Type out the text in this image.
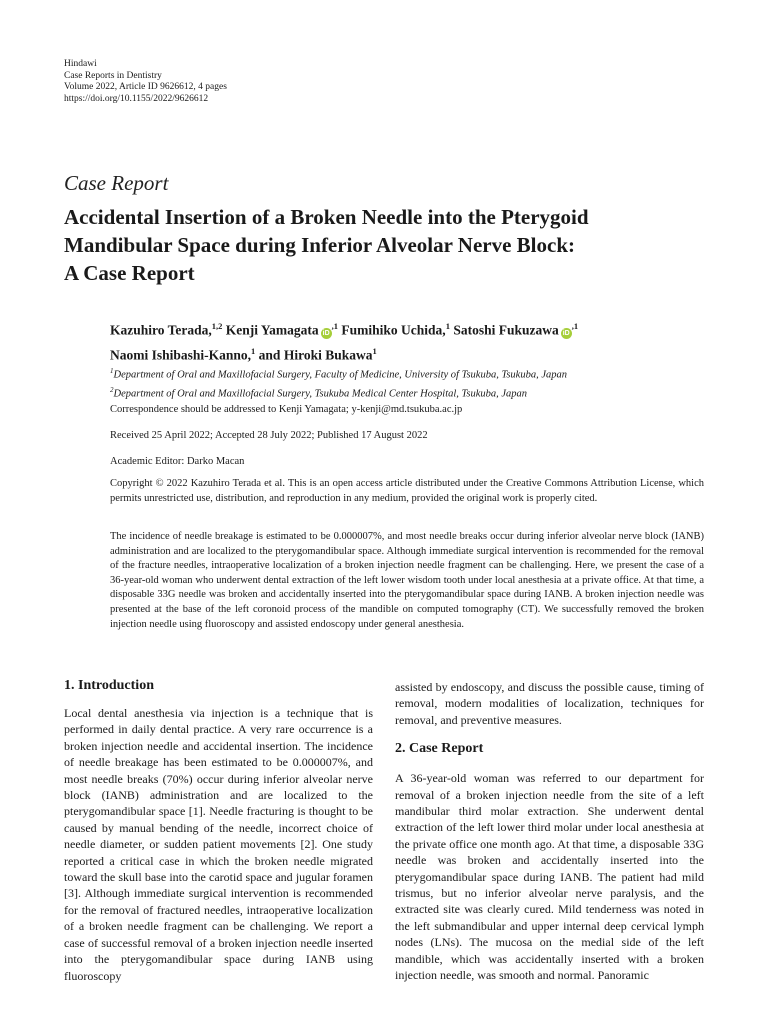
Hindawi
Case Reports in Dentistry
Volume 2022, Article ID 9626612, 4 pages
https://doi.org/10.1155/2022/9626612
Case Report
Accidental Insertion of a Broken Needle into the Pterygoid
Mandibular Space during Inferior Alveolar Nerve Block:
A Case Report
Kazuhiro Terada,$^{1,2}$ Kenji Yamagata $iD^{,1}$ Fumihiko Uchida,$^1$ Satoshi Fukuzawa $iD^{,1}$
Naomi Ishibashi-Kanno,$^1$ and Hiroki Bukawa$^1$
$^1$Department of Oral and Maxillofacial Surgery, Faculty of Medicine, University of Tsukuba, Tsukuba, Japan
$^2$Department of Oral and Maxillofacial Surgery, Tsukuba Medical Center Hospital, Tsukuba, Japan
Correspondence should be addressed to Kenji Yamagata; y-kenji@md.tsukuba.ac.jp
Received 25 April 2022; Accepted 28 July 2022; Published 17 August 2022
Academic Editor: Darko Macan
Copyright © 2022 Kazuhiro Terada et al. This is an open access article distributed under the Creative Commons Attribution License, which permits unrestricted use, distribution, and reproduction in any medium, provided the original work is properly cited.
The incidence of needle breakage is estimated to be 0.000007%, and most needle breaks occur during inferior alveolar nerve block (IANB) administration and are localized to the pterygomandibular space. Although immediate surgical intervention is recommended for the removal of the fracture needles, intraoperative localization of a broken injection needle fragment can be challenging. Here, we present the case of a 36-year-old woman who underwent dental extraction of the left lower wisdom tooth under local anesthesia at a private office. At that time, a disposable 33G needle was broken and accidentally inserted into the pterygomandibular space during IANB. A broken injection needle was presented at the base of the left coronoid process of the mandible on computed tomography (CT). We successfully removed the broken injection needle using fluoroscopy and assisted endoscopy under general anesthesia.
1. Introduction

Local dental anesthesia via injection is a technique that is performed in daily dental practice. A very rare occurrence is a broken injection needle and accidental insertion. The incidence of needle breakage has been estimated to be 0.000007%, and most needle breaks (70%) occur during inferior alveolar nerve block (IANB) administration and are localized to the pterygomandibular space [1]. Needle fracturing is thought to be caused by manual bending of the needle, incorrect choice of needle diameter, or sudden patient movements [2]. One study reported a critical case in which the broken needle migrated toward the skull base into the carotid space and jugular foramen [3]. Although immediate surgical intervention is recommended for the removal of fractured needles, intraoperative localization of a broken needle fragment can be challenging. We report a case of successful removal of a broken injection needle inserted into the pterygomandibular space during IANB using fluoroscopy

assisted by endoscopy, and discuss the possible cause, timing of removal, modern modalities of localization, techniques for removal, and preventive measures.

2. Case Report

A 36-year-old woman was referred to our department for removal of a broken injection needle from the site of a left mandibular third molar extraction. She underwent dental extraction of the left lower third molar under local anesthesia at the private office one month ago. At that time, a disposable 33G needle was broken and accidentally inserted into the pterygomandibular space during IANB. The patient had mild trismus, but no inferior alveolar nerve paralysis, and the extracted site was clearly cured. Mild tenderness was noted in the left submandibular and upper internal deep cervical lymph nodes (LNs). The mucosa on the medial side of the left mandible, which was accidentally inserted with a broken injection needle, was smooth and normal. Panoramic
